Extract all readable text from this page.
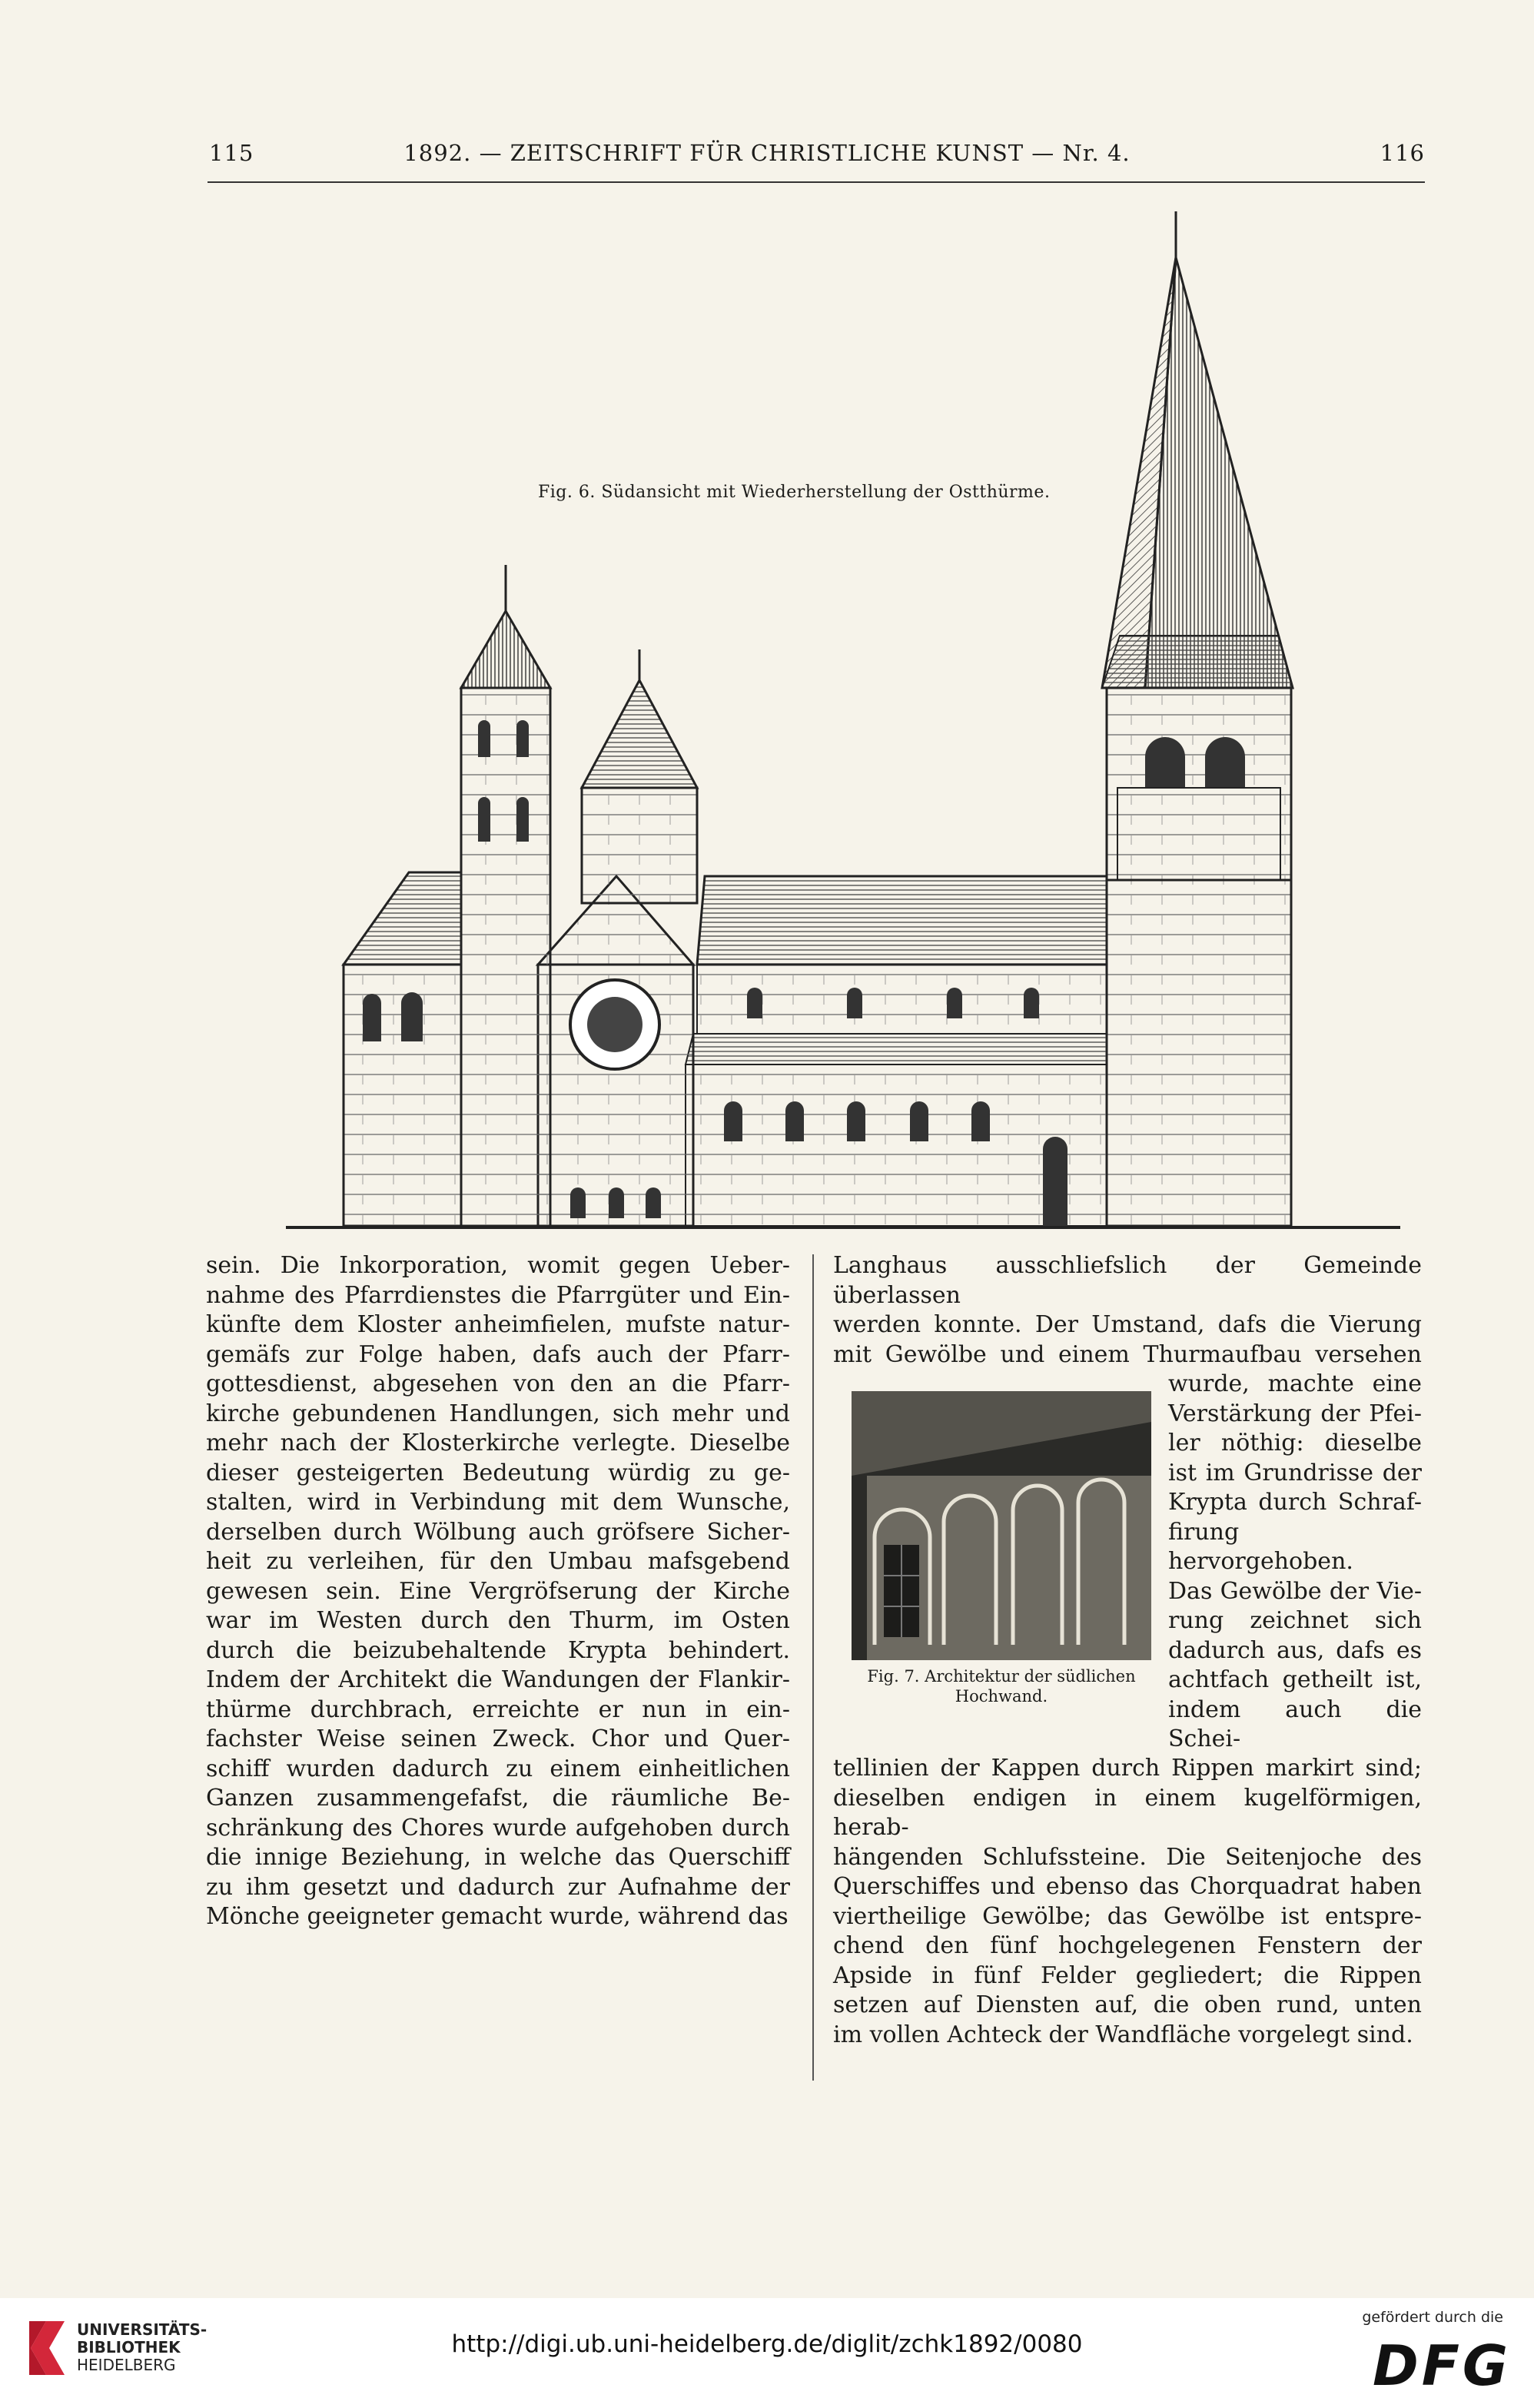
115	1892. — ZEITSCHRIFT FÜR CHRISTLICHE KUNST — Nr. 4.	116
Fig. 6. Südansicht mit Wiederherstellung der Ostthürme.

sein. Die Inkorporation, womit gegen Ueber-

nahme des Pfarrdienstes die Pfarrgüter und Ein-

künfte dem Kloster anheimfielen, mufste natur-

gemäfs zur Folge haben, dafs auch der Pfarr-

gottesdienst, abgesehen von den an die Pfarr-

kirche gebundenen Handlungen, sich mehr und

mehr nach der Klosterkirche verlegte. Dieselbe

dieser gesteigerten Bedeutung würdig zu ge-

stalten, wird in Verbindung mit dem Wunsche,

derselben durch Wölbung auch gröfsere Sicher-

heit zu verleihen, für den Umbau mafsgebend

gewesen sein. Eine Vergröfserung der Kirche

war im Westen durch den Thurm, im Osten

durch die beizubehaltende Krypta behindert.

Indem der Architekt die Wandungen der Flankir-

thürme durchbrach, erreichte er nun in ein-

fachster Weise seinen Zweck. Chor und Quer-

schiff wurden dadurch zu einem einheitlichen

Ganzen zusammengefafst, die räumliche Be-

schränkung des Chores wurde aufgehoben durch

die innige Beziehung, in welche das Querschiff

zu ihm gesetzt und dadurch zur Aufnahme der

Mönche geeigneter gemacht wurde, während das

Langhaus ausschliefslich der Gemeinde überlassen

werden konnte. Der Umstand, dafs die Vierung

mit Gewölbe und einem Thurmaufbau versehen

wurde, machte eine

Verstärkung der Pfei-

ler nöthig: dieselbe

ist im Grundrisse der

Krypta durch Schraf-

firung hervorgehoben.

Das Gewölbe der Vie-

rung zeichnet sich

dadurch aus, dafs es

achtfach getheilt ist,

indem auch die Schei-

tellinien der Kappen durch Rippen markirt sind;

dieselben endigen in einem kugelförmigen, herab-

hängenden Schlufssteine. Die Seitenjoche des

Querschiffes und ebenso das Chorquadrat haben

viertheilige Gewölbe; das Gewölbe ist entspre-

chend den fünf hochgelegenen Fenstern der

Apside in fünf Felder gegliedert; die Rippen

setzen auf Diensten auf, die oben rund, unten

im vollen Achteck der Wandfläche vorgelegt sind.

Fig. 7. Architektur der südlichen
Hochwand.
UNIVERSITÄTS-
BIBLIOTHEK
HEIDELBERG
http://digi.ub.uni-heidelberg.de/diglit/zchk1892/0080
gefördert durch die
DFG
